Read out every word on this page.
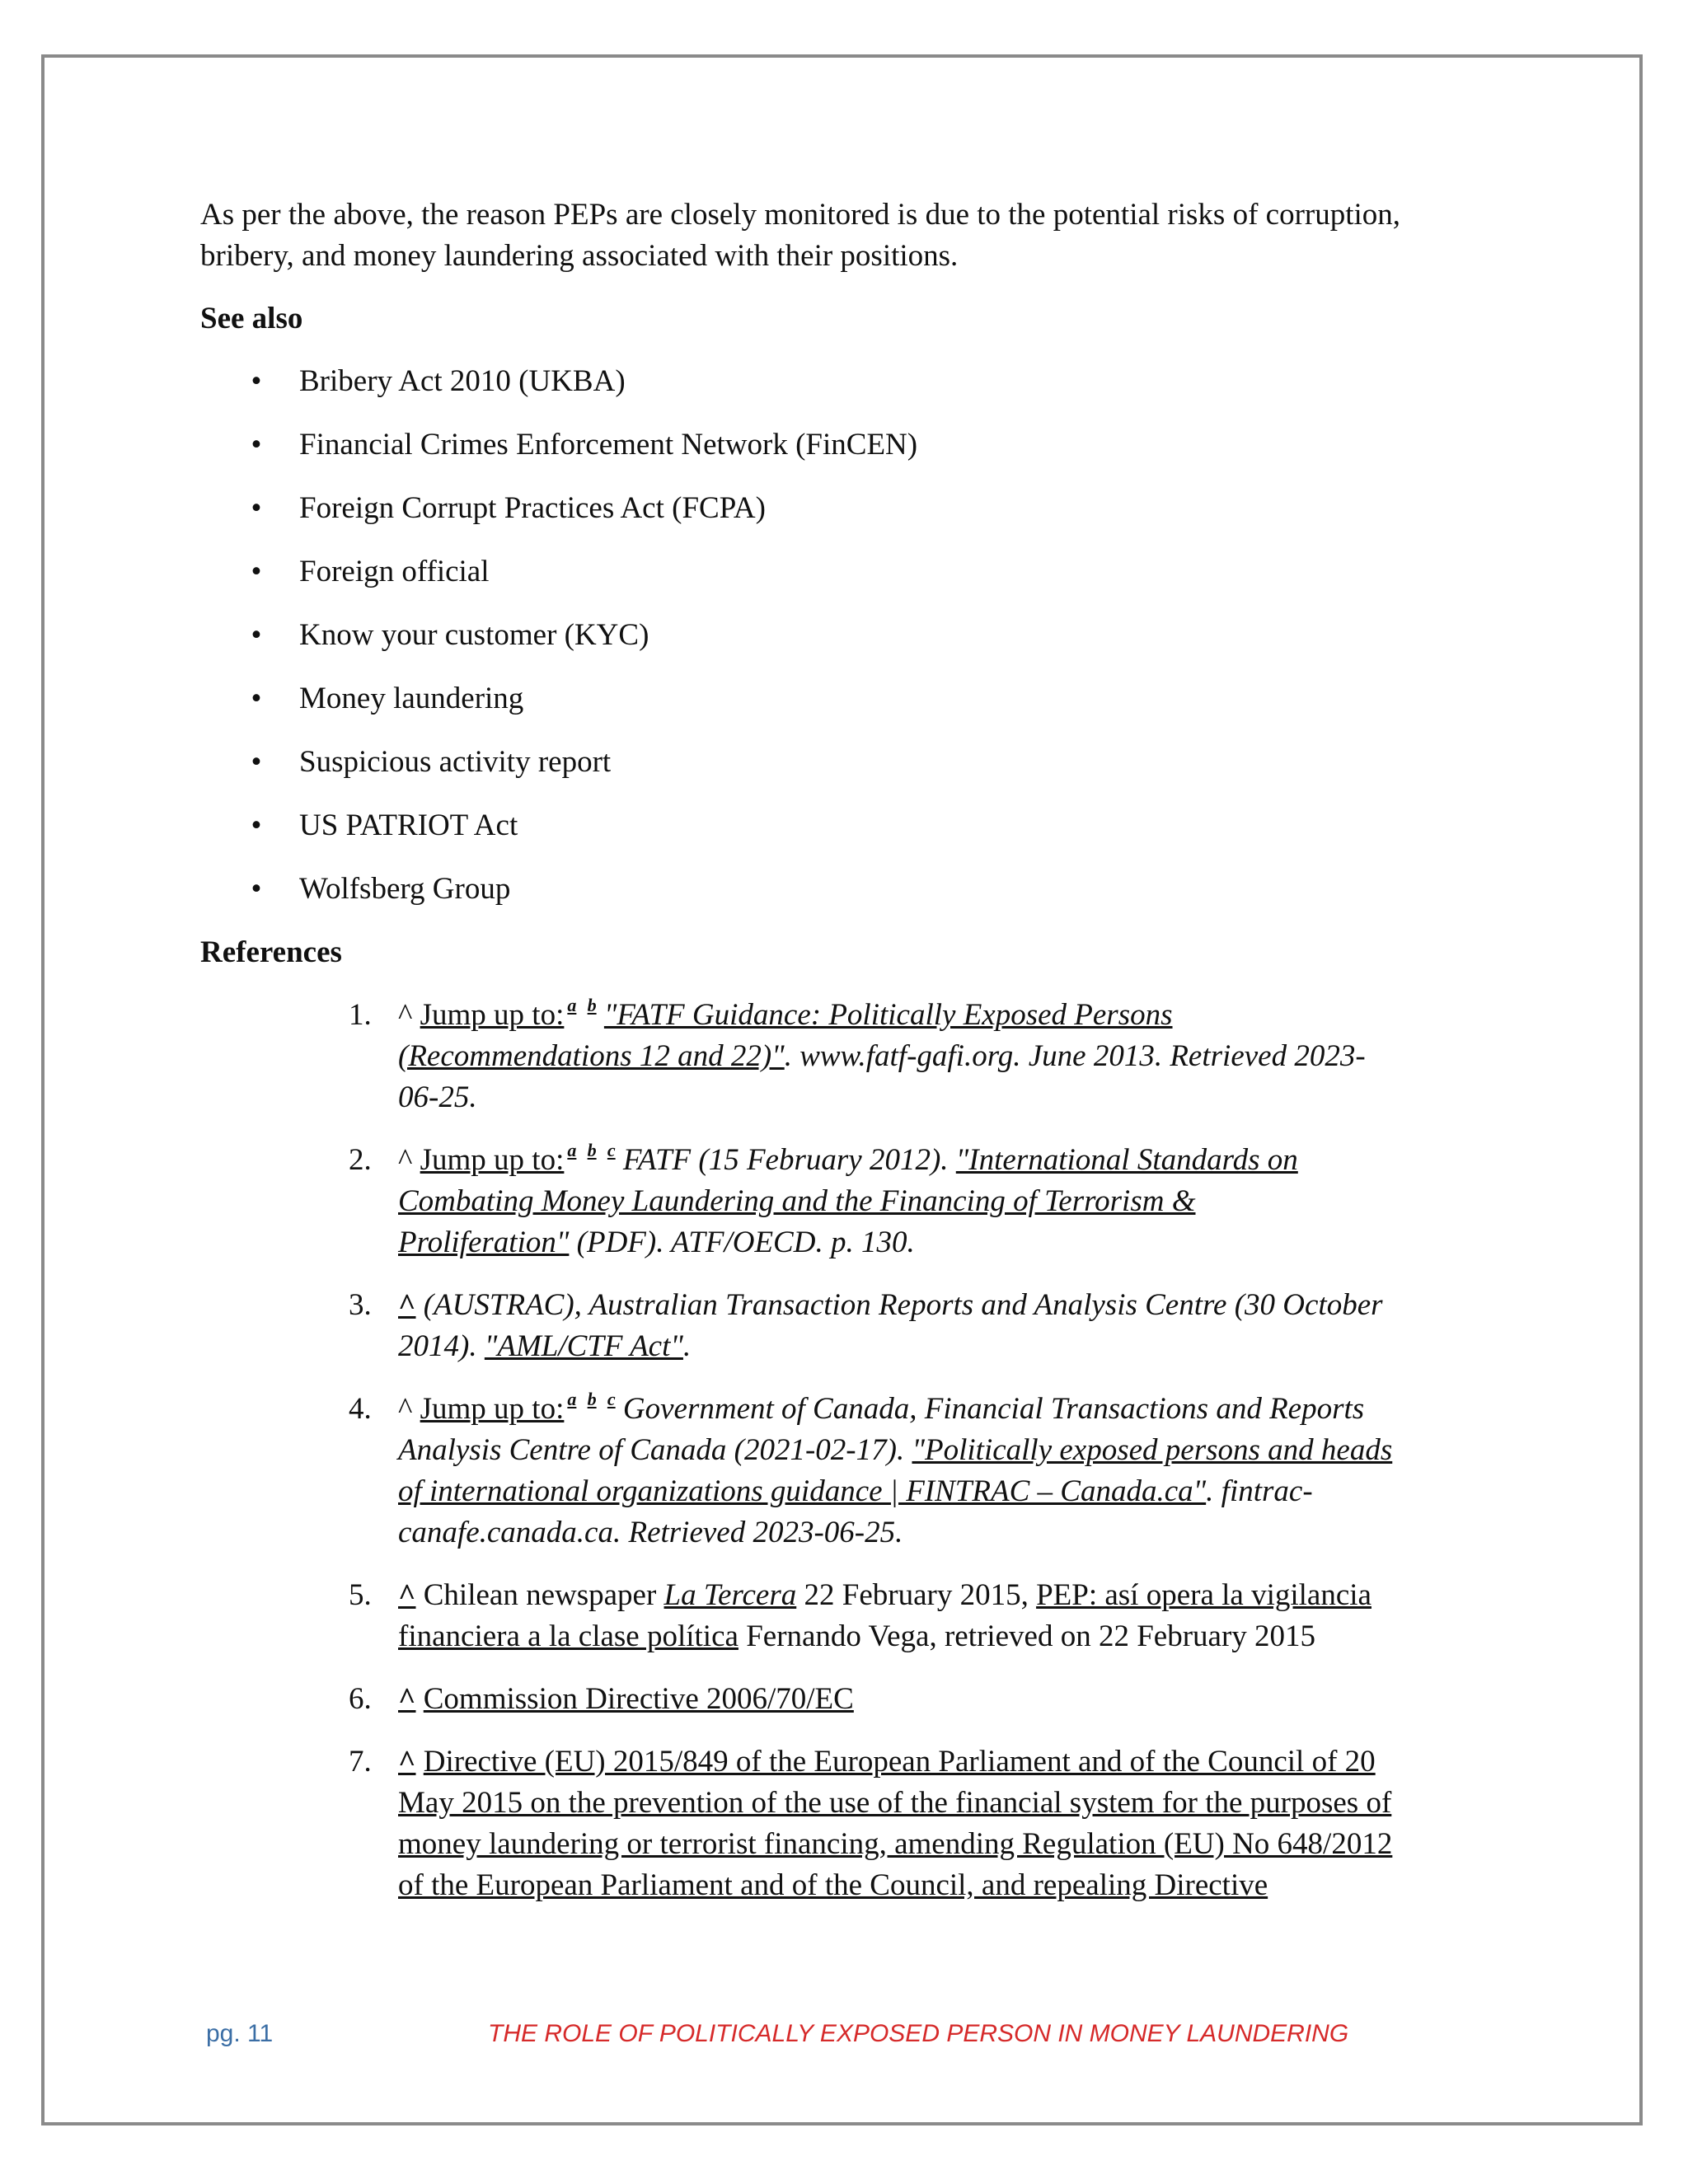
As per the above, the reason PEPs are closely monitored is due to the potential risks of corruption,
bribery, and money laundering associated with their positions.

See also
• Bribery Act 2010 (UKBA)
• Financial Crimes Enforcement Network (FinCEN)
• Foreign Corrupt Practices Act (FCPA)
• Foreign official
• Know your customer (KYC)
• Money laundering
• Suspicious activity report
• US PATRIOT Act
• Wolfsberg Group
References
1. ^ Jump up to: $^a$ $^b$ "FATF Guidance: Politically Exposed Persons
(Recommendations 12 and 22)". www.fatf-gafi.org. June 2013. Retrieved 2023-
06-25.
2. ^ Jump up to: $^a$ $^b$ $^c$ FATF (15 February 2012). "International Standards on
Combating Money Laundering and the Financing of Terrorism &
Proliferation" (PDF). ATF/OECD. p. 130.
3. ^ (AUSTRAC), Australian Transaction Reports and Analysis Centre (30 October
2014). "AML/CTF Act".
4. ^ Jump up to: $^a$ $^b$ $^c$ Government of Canada, Financial Transactions and Reports
Analysis Centre of Canada (2021-02-17). "Politically exposed persons and heads
of international organizations guidance | FINTRAC – Canada.ca". fintrac-
canafe.canada.ca. Retrieved 2023-06-25.
5. ^ Chilean newspaper La Tercera 22 February 2015, PEP: así opera la vigilancia
financiera a la clase política Fernando Vega, retrieved on 22 February 2015
6. ^ Commission Directive 2006/70/EC
7. ^ Directive (EU) 2015/849 of the European Parliament and of the Council of 20
May 2015 on the prevention of the use of the financial system for the purposes of
money laundering or terrorist financing, amending Regulation (EU) No 648/2012
of the European Parliament and of the Council, and repealing Directive
pg. 11	THE ROLE OF POLITICALLY EXPOSED PERSON IN MONEY LAUNDERING
